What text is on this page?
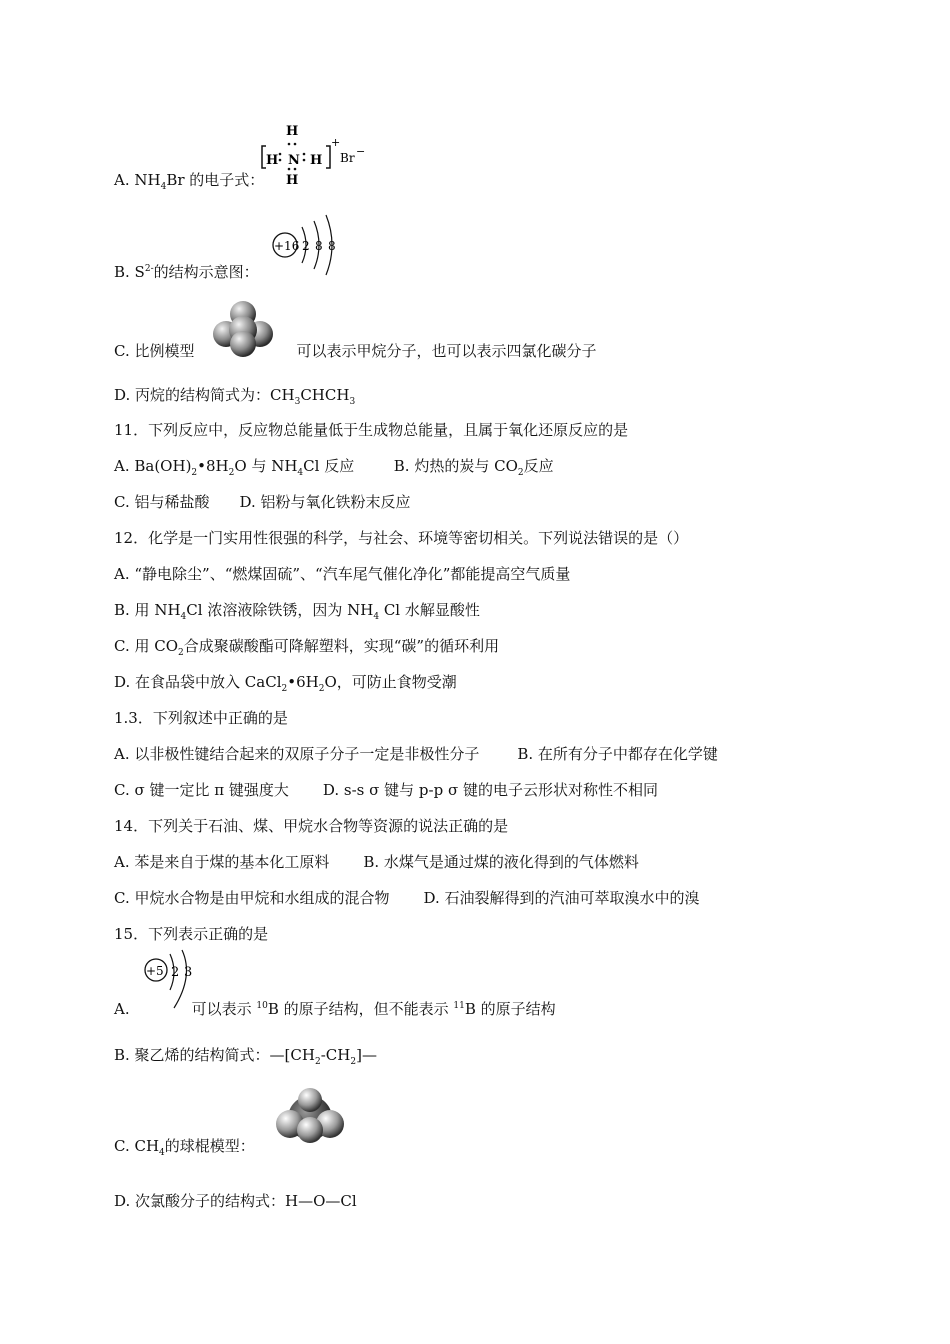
H
H
H N H
+
Br −
A. $NH_4Br$ 的电子式：
+16 2 8 8
B. $S^{2-}$的结构示意图：
C. 比例模型	可以表示甲烷分子，也可以表示四氯化碳分子
D. 丙烷的结构简式为：$CH_3CHCH_3$
11．下列反应中，反应物总能量低于生成物总能量，且属于氧化还原反应的是
A. $Ba(OH)_2•8H_2O$ 与 $NH_4Cl$ 反应	B. 灼热的炭与 $CO_2$反应
C. 铝与稀盐酸 D. 铝粉与氧化铁粉末反应
12．化学是一门实用性很强的科学，与社会、环境等密切相关。下列说法错误的是（）
A. “静电除尘”、“燃煤固硫”、“汽车尾气催化净化”都能提高空气质量
B. 用 $NH_4Cl$ 浓溶液除铁锈，因为 $NH_4$ Cl 水解显酸性
C. 用 $CO_2$合成聚碳酸酯可降解塑料，实现“碳”的循环利用
D. 在食品袋中放入 $CaCl_2•6H_2O$，可防止食物受潮
1.3．下列叙述中正确的是
A. 以非极性键结合起来的双原子分子一定是非极性分子	B. 在所有分子中都存在化学键
C. σ 键一定比 π 键强度大 D. s-s σ 键与 p-p σ 键的电子云形状对称性不相同
14．下列关于石油、煤、甲烷水合物等资源的说法正确的是
A. 苯是来自于煤的基本化工原料 B. 水煤气是通过煤的液化得到的气体燃料
C. 甲烷水合物是由甲烷和水组成的混合物 D. 石油裂解得到的汽油可萃取溴水中的溴
15．下列表示正确的是
+5 2 3
A.	可以表示 $^{10}$B 的原子结构，但不能表示 $^{11}$B 的原子结构
B. 聚乙烯的结构简式：$—[CH_2-CH_2]—$
C. $CH_4$的球棍模型：
D. 次氯酸分子的结构式：H—O—Cl
